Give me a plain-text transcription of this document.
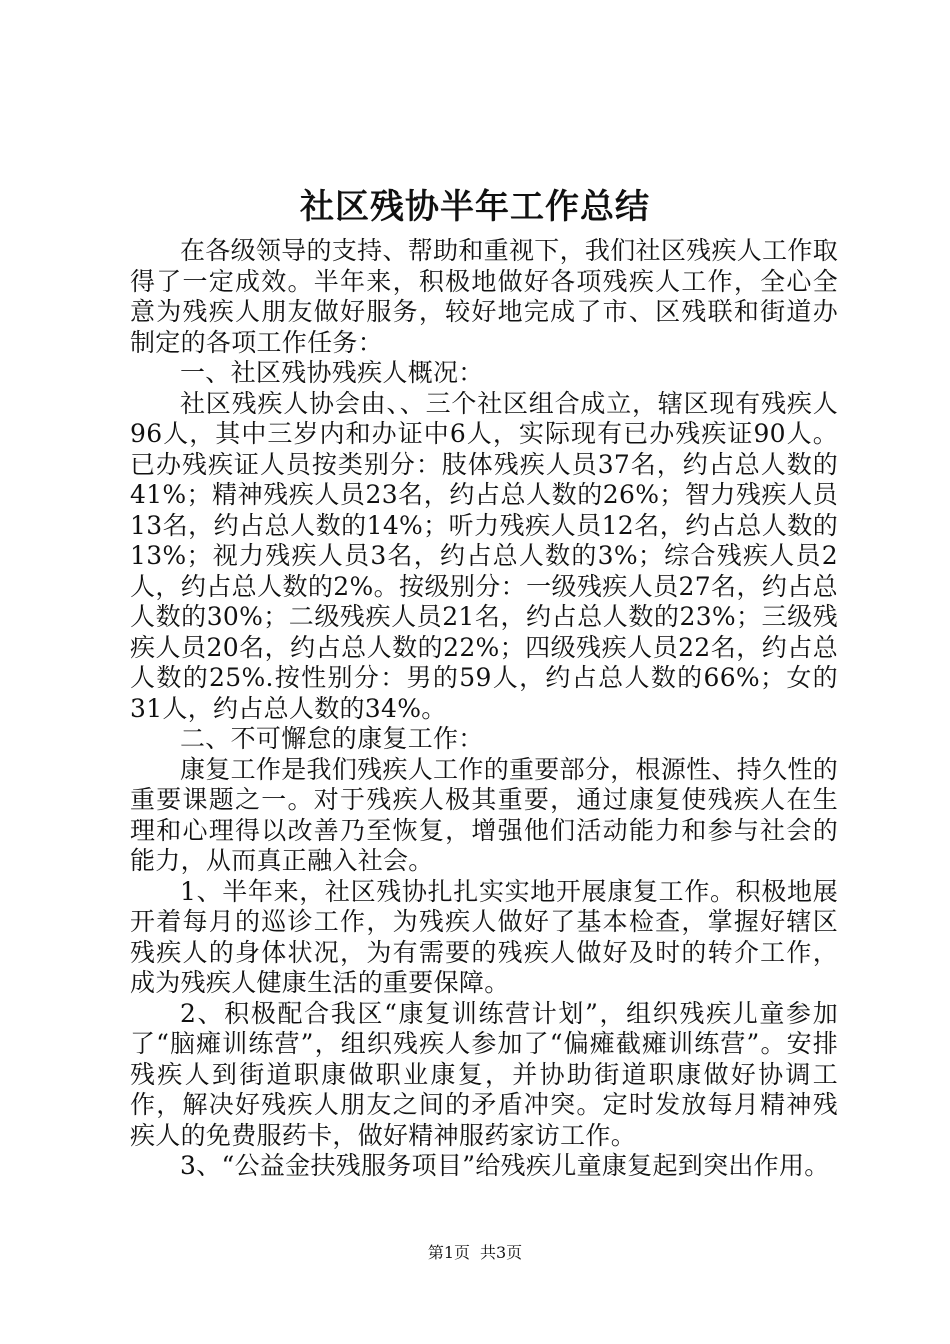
社区残协半年工作总结

在各级领导的支持、帮助和重视下，我们社区残疾人工作取得了一定成效。半年来，积极地做好各项残疾人工作，全心全意为残疾人朋友做好服务，较好地完成了市、区残联和街道办制定的各项工作任务：

一、社区残协残疾人概况：

社区残疾人协会由、、三个社区组合成立，辖区现有残疾人96人，其中三岁内和办证中6人，实际现有已办残疾证90人。已办残疾证人员按类别分：肢体残疾人员37名，约占总人数的41%；精神残疾人员23名，约占总人数的26%；智力残疾人员13名，约占总人数的14%；听力残疾人员12名，约占总人数的13%；视力残疾人员3名，约占总人数的3%；综合残疾人员2人，约占总人数的2%。按级别分：一级残疾人员27名，约占总人数的30%；二级残疾人员21名，约占总人数的23%；三级残疾人员20名，约占总人数的22%；四级残疾人员22名，约占总人数的25%.按性别分：男的59人，约占总人数的66%；女的31人，约占总人数的34%。

二、不可懈怠的康复工作：

康复工作是我们残疾人工作的重要部分，根源性、持久性的重要课题之一。对于残疾人极其重要，通过康复使残疾人在生理和心理得以改善乃至恢复，增强他们活动能力和参与社会的能力，从而真正融入社会。

1、半年来，社区残协扎扎实实地开展康复工作。积极地展开着每月的巡诊工作，为残疾人做好了基本检查，掌握好辖区残疾人的身体状况，为有需要的残疾人做好及时的转介工作，成为残疾人健康生活的重要保障。

2、积极配合我区“康复训练营计划”，组织残疾儿童参加了“脑瘫训练营”，组织残疾人参加了“偏瘫截瘫训练营”。安排残疾人到街道职康做职业康复，并协助街道职康做好协调工作，解决好残疾人朋友之间的矛盾冲突。定时发放每月精神残疾人的免费服药卡，做好精神服药家访工作。

3、“公益金扶残服务项目”给残疾儿童康复起到突出作用。

第1页 共3页
